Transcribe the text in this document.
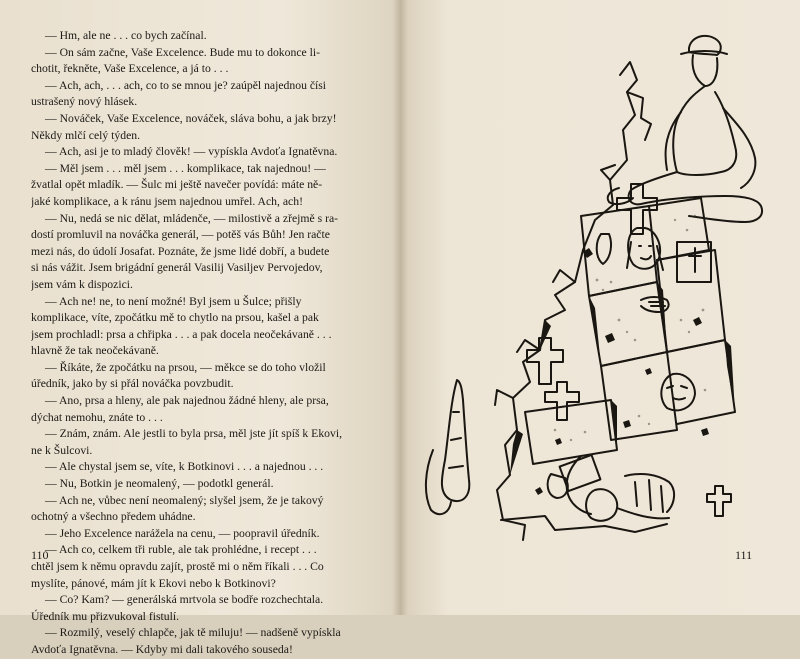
— Hm, ale ne . . . co bych začínal.

— On sám začne, Vaše Excelence. Bude mu to dokonce li-

chotit, řekněte, Vaše Excelence, a já to . . .

— Ach, ach, . . . ach, co to se mnou je? zaúpěl najednou čísi

ustrašený nový hlásek.

— Nováček, Vaše Excelence, nováček, sláva bohu, a jak brzy!

Někdy mlčí celý týden.

— Ach, asi je to mladý človĕk! — vypískla Avdoťa Ignatěvna.

— Měl jsem . . . měl jsem . . . komplikace, tak najednou! —

žvatlal opět mladík. — Šulc mi ještě navečer povídá: máte ně-

jaké komplikace, a k ránu jsem najednou umřel. Ach, ach!

— Nu, nedá se nic dělat, mládenče, — milostivě a zřejmě s ra-

dostí promluvil na nováčka generál, — potěš vás Bůh! Jen račte

mezi nás, do údolí Josafat. Poznáte, že jsme lidé dobří, a budete

si nás vážit. Jsem brigádní generál Vasilij Vasiljev Pervojedov,

jsem vám k dispozici.

— Ach ne! ne, to není možné! Byl jsem u Šulce; přišly

komplikace, víte, zpočátku mě to chytlo na prsou, kašel a pak

jsem prochladl: prsa a chřipka . . . a pak docela neočekávaně . . .

hlavně že tak neočekávaně.

— Říkáte, že zpočátku na prsou, — měkce se do toho vložil

úředník, jako by si přál nováčka povzbudit.

— Ano, prsa a hleny, ale pak najednou žádné hleny, ale prsa,

dýchat nemohu, znáte to . . .

— Znám, znám. Ale jestli to byla prsa, měl jste jít spíš k Ekovi,

ne k Šulcovi.

— Ale chystal jsem se, víte, k Botkinovi . . . a najednou . . .

— Nu, Botkin je neomalený, — podotkl generál.

— Ach ne, vůbec není neomalený; slyšel jsem, že je takový

ochotný a všechno předem uhádne.

— Jeho Excelence narážela na cenu, — poopravil úředník.

— Ach co, celkem tři ruble, ale tak prohlédne, i recept . . .

chtěl jsem k němu opravdu zajít, prostě mi o něm říkali . . . Co

myslíte, pánové, mám jít k Ekovi nebo k Botkinovi?

— Co? Kam? — generálská mrtvola se bodře rozchechtala.

Úředník mu přizvukoval fistulí.

— Rozmilý, veselý chlapče, jak tě miluju! — nadšeně vypískla

Avdoťa Ignatěvna. — Kdyby mi dali takového souseda!

110	111
